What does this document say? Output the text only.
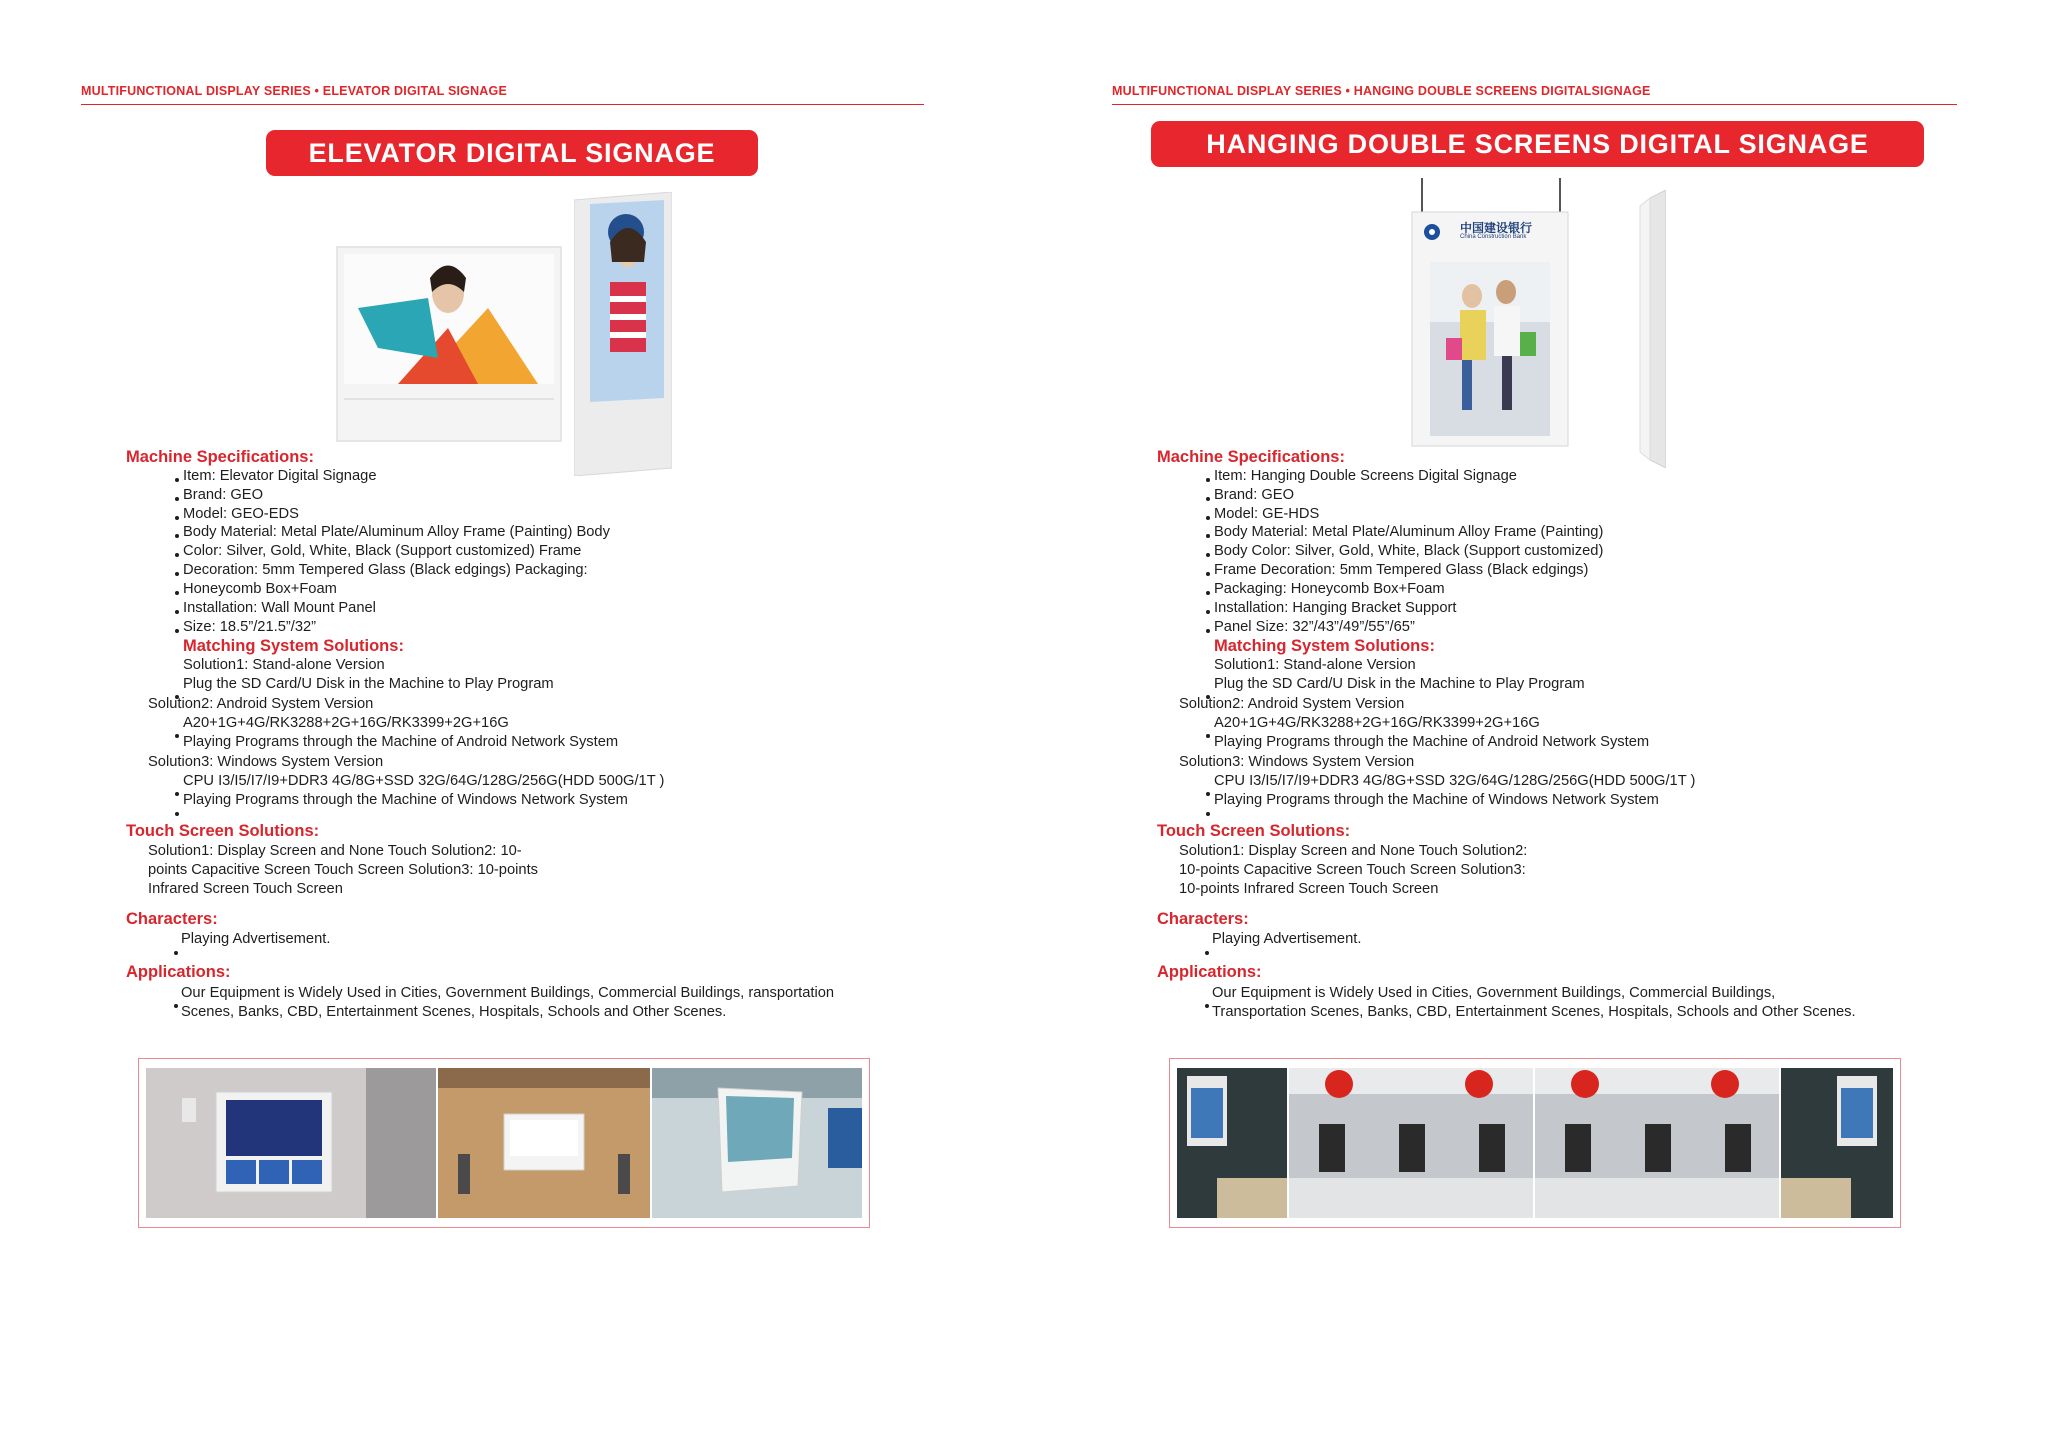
MULTIFUNCTIONAL DISPLAY SERIES • ELEVATOR DIGITAL SIGNAGE
ELEVATOR DIGITAL SIGNAGE
Machine Specifications:
Item: Elevator Digital Signage
Brand: GEO
Model: GEO-EDS
Body Material: Metal Plate/Aluminum Alloy Frame (Painting) Body
Color: Silver, Gold, White, Black (Support customized) Frame
Decoration: 5mm Tempered Glass (Black edgings) Packaging:
Honeycomb Box+Foam
Installation: Wall Mount Panel
Size: 18.5”/21.5”/32”
Matching System Solutions:
Solution1: Stand-alone Version
Plug the SD Card/U Disk in the Machine to Play Program
Solution2: Android System Version
A20+1G+4G/RK3288+2G+16G/RK3399+2G+16G
Playing Programs through the Machine of Android Network System
Solution3: Windows System Version
CPU I3/I5/I7/I9+DDR3 4G/8G+SSD 32G/64G/128G/256G(HDD 500G/1T )
Playing Programs through the Machine of Windows Network System
Touch Screen Solutions:
Solution1: Display Screen and None Touch Solution2: 10-
points Capacitive Screen Touch Screen Solution3: 10-points
Infrared Screen Touch Screen
Characters:
Playing Advertisement.
Applications:
Our Equipment is Widely Used in Cities, Government Buildings, Commercial Buildings, ransportation
Scenes, Banks, CBD, Entertainment Scenes, Hospitals, Schools and Other Scenes.
MULTIFUNCTIONAL DISPLAY SERIES • HANGING DOUBLE SCREENS DIGITALSIGNAGE
HANGING DOUBLE SCREENS DIGITAL SIGNAGE
中国建设银行
China Construction Bank
Machine Specifications:
Item: Hanging Double Screens Digital Signage
Brand: GEO
Model: GE-HDS
Body Material: Metal Plate/Aluminum Alloy Frame (Painting)
Body Color: Silver, Gold, White, Black (Support customized)
Frame Decoration: 5mm Tempered Glass (Black edgings)
Packaging: Honeycomb Box+Foam
Installation: Hanging Bracket Support
Panel Size: 32”/43”/49”/55”/65”
Matching System Solutions:
Solution1: Stand-alone Version
Plug the SD Card/U Disk in the Machine to Play Program
Solution2: Android System Version
A20+1G+4G/RK3288+2G+16G/RK3399+2G+16G
Playing Programs through the Machine of Android Network System
Solution3: Windows System Version
CPU I3/I5/I7/I9+DDR3 4G/8G+SSD 32G/64G/128G/256G(HDD 500G/1T )
Playing Programs through the Machine of Windows Network System
Touch Screen Solutions:
Solution1: Display Screen and None Touch Solution2:
10-points Capacitive Screen Touch Screen Solution3:
10-points Infrared Screen Touch Screen
Characters:
Playing Advertisement.
Applications:
Our Equipment is Widely Used in Cities, Government Buildings, Commercial Buildings,
Transportation Scenes, Banks, CBD, Entertainment Scenes, Hospitals, Schools and Other Scenes.
